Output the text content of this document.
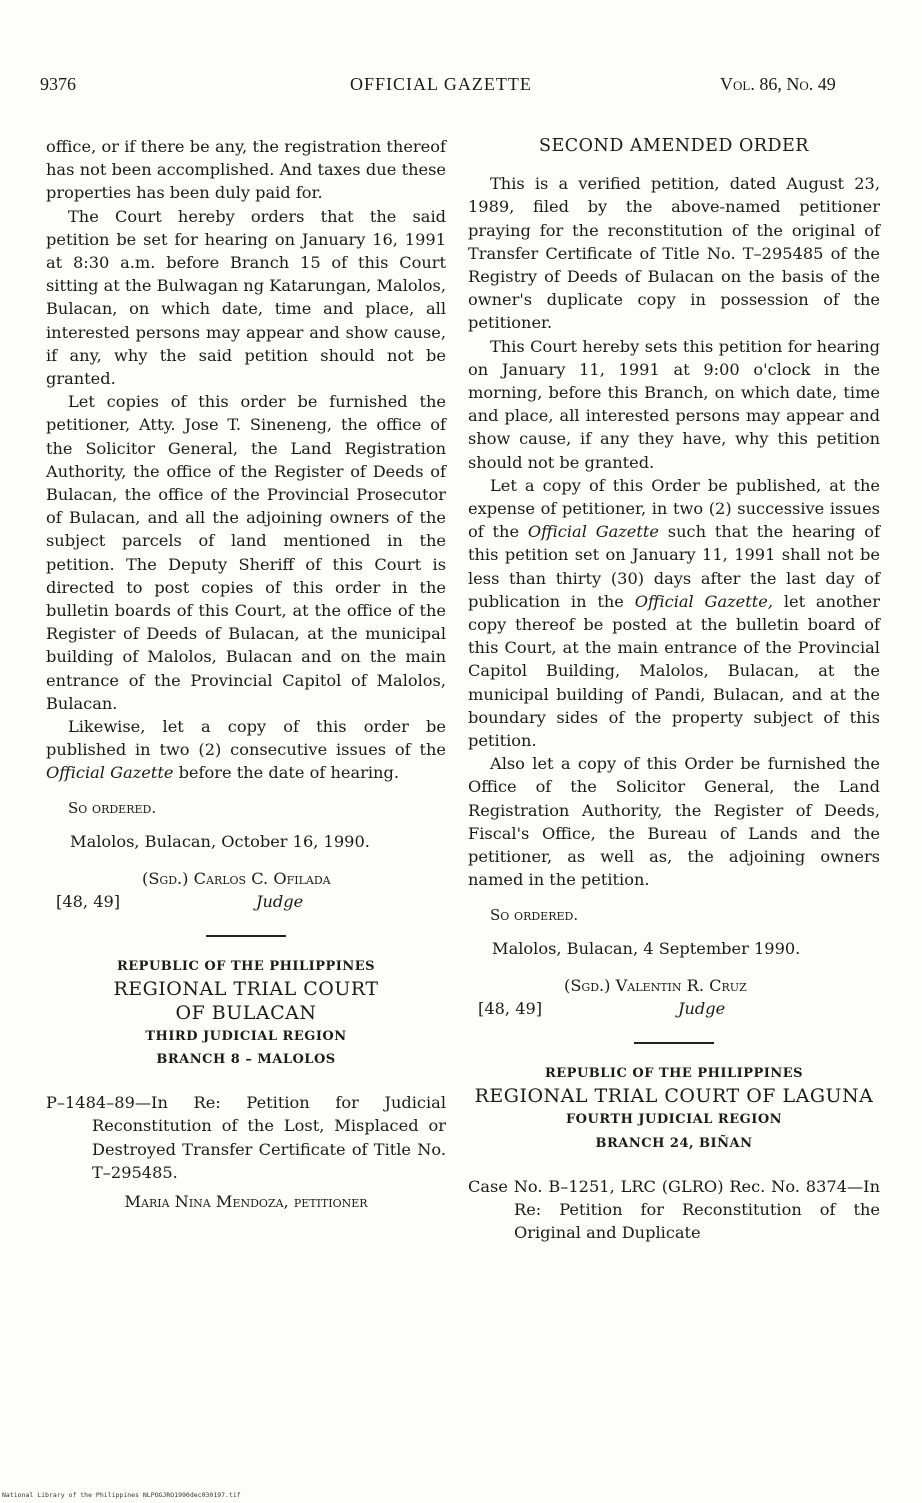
9376	OFFICIAL GAZETTE	Vol. 86, No. 49

office, or if there be any, the registration thereof has not been accomplished. And taxes due these properties has been duly paid for.

The Court hereby orders that the said petition be set for hearing on January 16, 1991 at 8:30 a.m. before Branch 15 of this Court sitting at the Bulwagan ng Katarungan, Malolos, Bulacan, on which date, time and place, all interested persons may appear and show cause, if any, why the said petition should not be granted.

Let copies of this order be furnished the petitioner, Atty. Jose T. Sineneng, the office of the Solicitor General, the Land Registration Authority, the office of the Register of Deeds of Bulacan, the office of the Provincial Prosecutor of Bulacan, and all the adjoining owners of the subject parcels of land mentioned in the petition. The Deputy Sheriff of this Court is directed to post copies of this order in the bulletin boards of this Court, at the office of the Register of Deeds of Bulacan, at the municipal building of Malolos, Bulacan and on the main entrance of the Provincial Capitol of Malolos, Bulacan.

Likewise, let a copy of this order be published in two (2) consecutive issues of the Official Gazette before the date of hearing.

So ordered.

Malolos, Bulacan, October 16, 1990.

(Sgd.) Carlos C. Ofilada
[48, 49]	Judge

REPUBLIC OF THE PHILIPPINES

REGIONAL TRIAL COURT

OF BULACAN

THIRD JUDICIAL REGION

BRANCH 8 – MALOLOS

P–1484–89—In Re: Petition for Judicial Reconstitution of the Lost, Misplaced or Destroyed Transfer Certificate of Title No. T–295485.

Maria Nina Mendoza, petitioner

SECOND AMENDED ORDER

This is a verified petition, dated August 23, 1989, filed by the above-named petitioner praying for the reconstitution of the original of Transfer Certificate of Title No. T–295485 of the Registry of Deeds of Bulacan on the basis of the owner's duplicate copy in possession of the petitioner.

This Court hereby sets this petition for hearing on January 11, 1991 at 9:00 o'clock in the morning, before this Branch, on which date, time and place, all interested persons may appear and show cause, if any they have, why this petition should not be granted.

Let a copy of this Order be published, at the expense of petitioner, in two (2) successive issues of the Official Gazette such that the hearing of this petition set on January 11, 1991 shall not be less than thirty (30) days after the last day of publication in the Official Gazette, let another copy thereof be posted at the bulletin board of this Court, at the main entrance of the Provincial Capitol Building, Malolos, Bulacan, at the municipal building of Pandi, Bulacan, and at the boundary sides of the property subject of this petition.

Also let a copy of this Order be furnished the Office of the Solicitor General, the Land Registration Authority, the Register of Deeds, Fiscal's Office, the Bureau of Lands and the petitioner, as well as, the adjoining owners named in the petition.

So ordered.

Malolos, Bulacan, 4 September 1990.

(Sgd.) Valentin R. Cruz
[48, 49]	Judge

REPUBLIC OF THE PHILIPPINES

REGIONAL TRIAL COURT OF LAGUNA

FOURTH JUDICIAL REGION

BRANCH 24, BIÑAN

Case No. B–1251, LRC (GLRO) Rec. No. 8374—In Re: Petition for Reconstitution of the Original and Duplicate

National Library of the Philippines NLPOGJRO1990dec030197.tif
